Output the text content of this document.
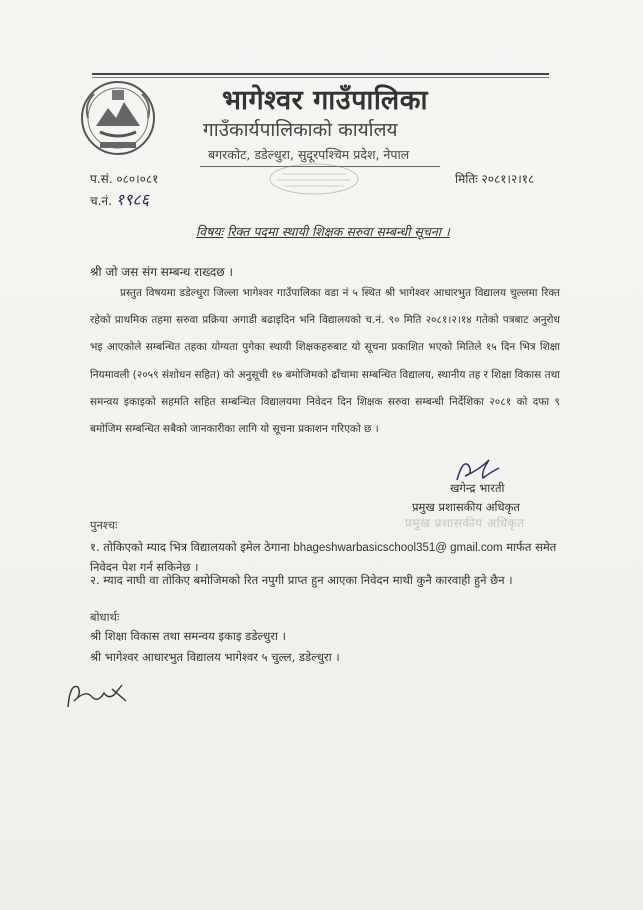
भागेश्वर गाउँपालिका
गाउँकार्यपालिकाको कार्यालय
बगरकोट, डडेल्धुरा, सुदूरपश्चिम प्रदेश, नेपाल
प.सं. ०८०।०८१
च.नं. १९८६
मितिः २०८१।२।१८
विषयः रिक्त पदमा स्थायी शिक्षक सरुवा सम्बन्धी सूचना ।
श्री जो जस संग सम्बन्ध राख्दछ ।
प्रस्तुत विषयमा डडेल्धुरा जिल्ला भागेश्वर गाउँपालिका वडा नं ५ स्थित श्री भागेश्वर आधारभुत विद्यालय चुल्लमा रिक्त रहेको प्राथमिक तहमा सरुवा प्रक्रिया अगाडी बढाइदिन भनि विद्यालयको च.नं. ९० मिति २०८१।२।१४ गतेको पत्रबाट अनुरोध भइ आएकोले सम्बन्धित तहका योग्यता पुगेका स्थायी शिक्षकहरुबाट यो सूचना प्रकाशित भएको मितिले १५ दिन भित्र शिक्षा नियमावली (२०५९ संशोधन सहित) को अनुसूची १७ बमोजिमको ढाँचामा सम्बन्धित विद्यालय, स्थानीय तह र शिक्षा विकास तथा समन्वय इकाइको सहमति सहित सम्बन्धित विद्यालयमा निवेदन दिन शिक्षक सरुवा सम्बन्धी निर्देशिका २०८१ को दफा ९ बमोजिम सम्बन्धित सबैको जानकारीका लागि यो सूचना प्रकाशन गरिएको छ ।
खगेन्द्र भारती
प्रमुख प्रशासकीय अधिकृत
प्रमुख प्रशासकीय अधिकृत
पुनश्चः
१. तोकिएको म्याद भित्र विद्यालयको इमेल ठेगाना bhageshwarbasicschool351@ gmail.com मार्फत समेत निवेदन पेश गर्न सकिनेछ ।
२. म्याद नाघी वा तोकिए बमोजिमको रित नपुगी प्राप्त हुन आएका निवेदन माथी कुनै कारवाही हुने छैन ।
बोधार्थः
श्री शिक्षा विकास तथा समन्वय इकाइ डडेल्धुरा ।
श्री भागेश्वर आधारभुत विद्यालय भागेश्वर ५ चुल्ल, डडेल्धुरा ।
